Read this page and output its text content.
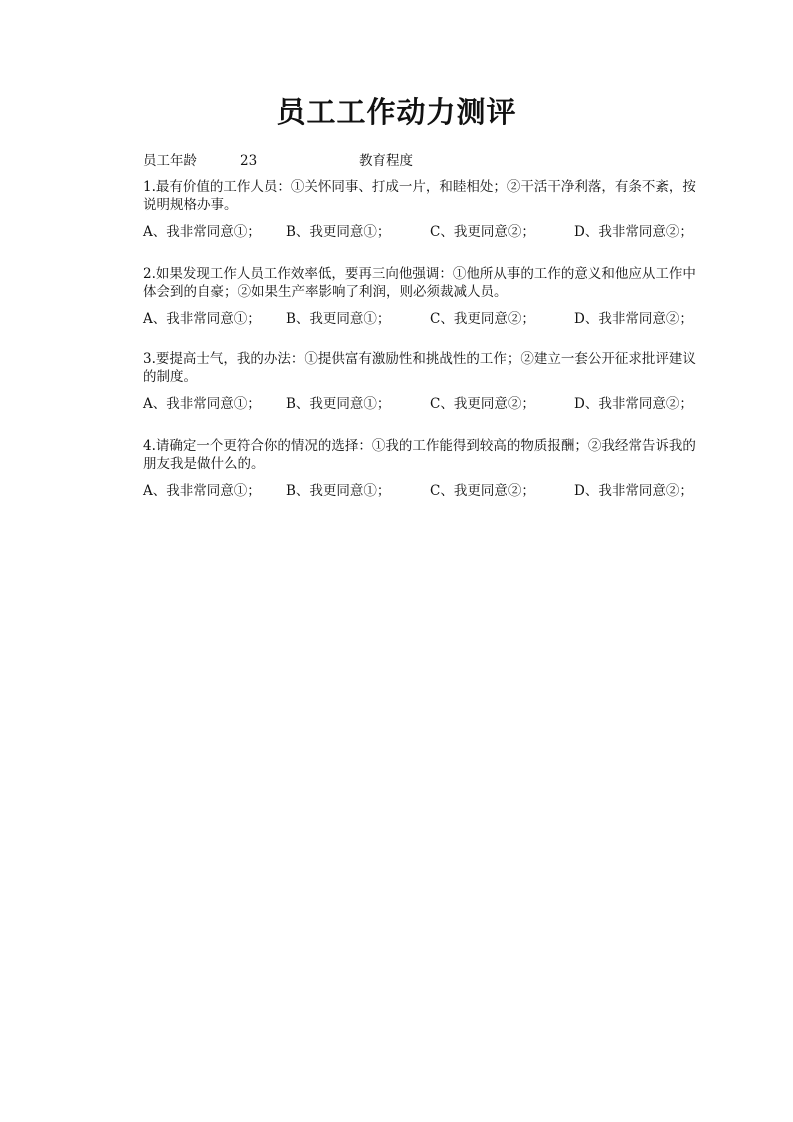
员工工作动力测评
员工年龄	23	教育程度

1.最有价值的工作人员：①关怀同事、打成一片，和睦相处；②干活干净利落，有条不紊，按说明规格办事。

A、我非常同意①； B、我更同意①；	C、我更同意②；	D、我非常同意②；

2.如果发现工作人员工作效率低，要再三向他强调：①他所从事的工作的意义和他应从工作中体会到的自豪；②如果生产率影响了利润，则必须裁减人员。

A、我非常同意①； B、我更同意①；	C、我更同意②；	D、我非常同意②；

3.要提高士气，我的办法：①提供富有激励性和挑战性的工作；②建立一套公开征求批评建议的制度。

A、我非常同意①； B、我更同意①；	C、我更同意②；	D、我非常同意②；

4.请确定一个更符合你的情况的选择：①我的工作能得到较高的物质报酬；②我经常告诉我的朋友我是做什么的。

A、我非常同意①； B、我更同意①；	C、我更同意②；	D、我非常同意②；
